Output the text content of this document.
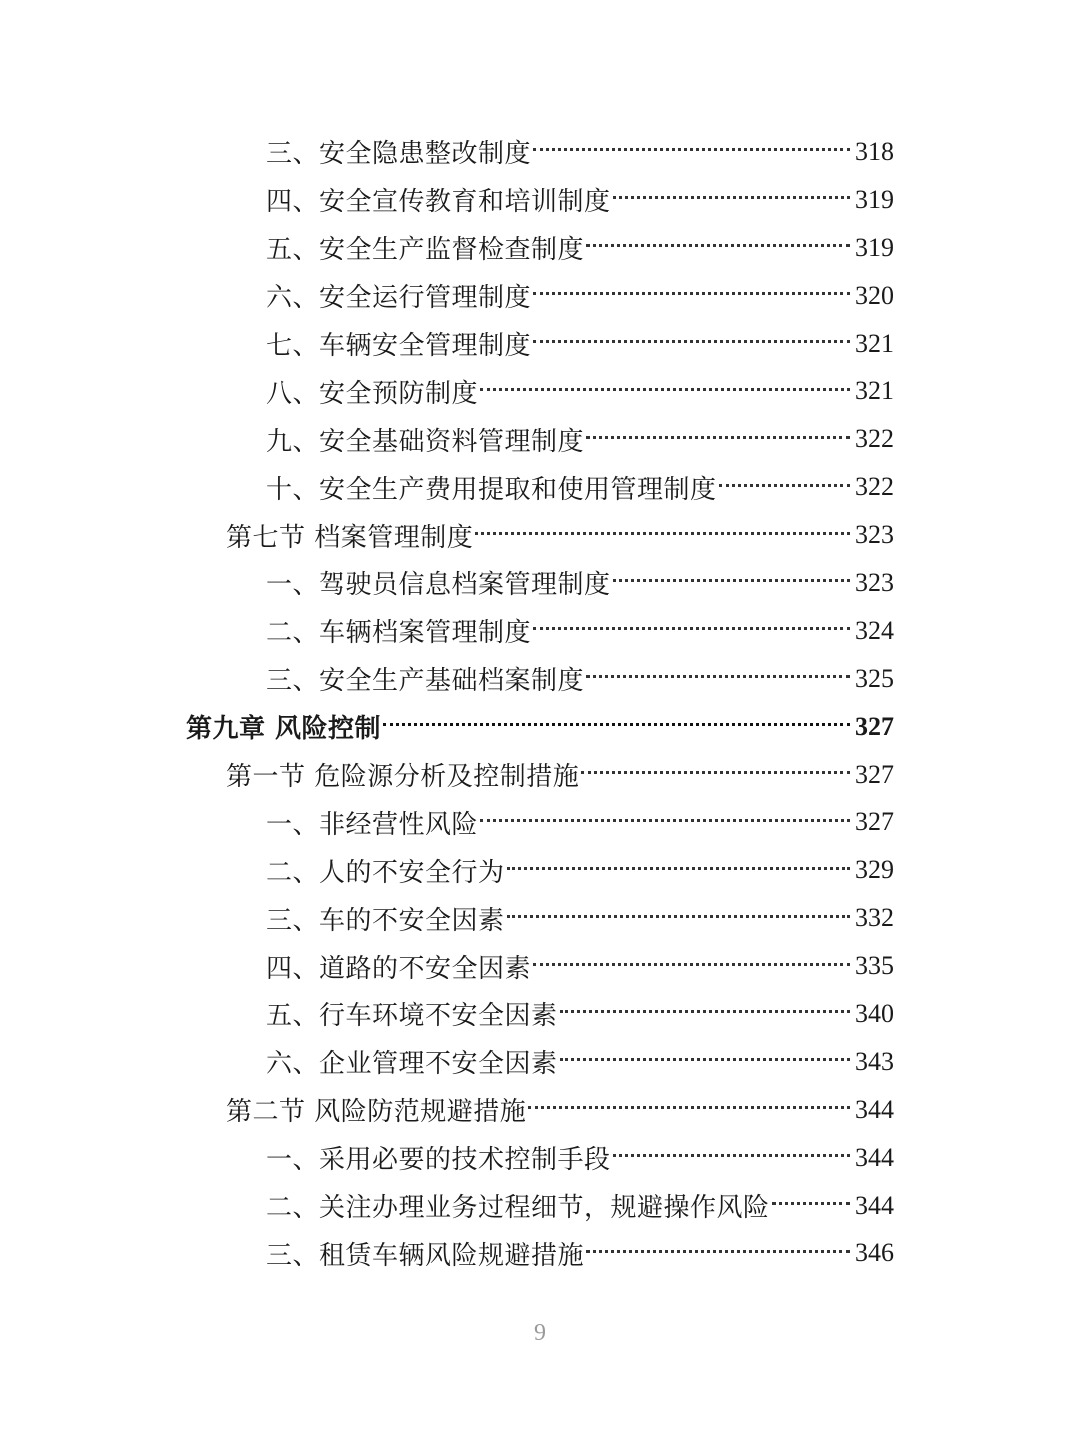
三、安全隐患整改制度	318
四、安全宣传教育和培训制度	319
五、安全生产监督检查制度	319
六、安全运行管理制度	320
七、车辆安全管理制度	321
八、安全预防制度	321
九、安全基础资料管理制度	322
十、安全生产费用提取和使用管理制度	322
第七节 档案管理制度	323
一、驾驶员信息档案管理制度	323
二、车辆档案管理制度	324
三、安全生产基础档案制度	325
第九章 风险控制	327
第一节 危险源分析及控制措施	327
一、非经营性风险	327
二、人的不安全行为	329
三、车的不安全因素	332
四、道路的不安全因素	335
五、行车环境不安全因素	340
六、企业管理不安全因素	343
第二节 风险防范规避措施	344
一、采用必要的技术控制手段	344
二、关注办理业务过程细节，规避操作风险	344
三、租赁车辆风险规避措施	346
9
